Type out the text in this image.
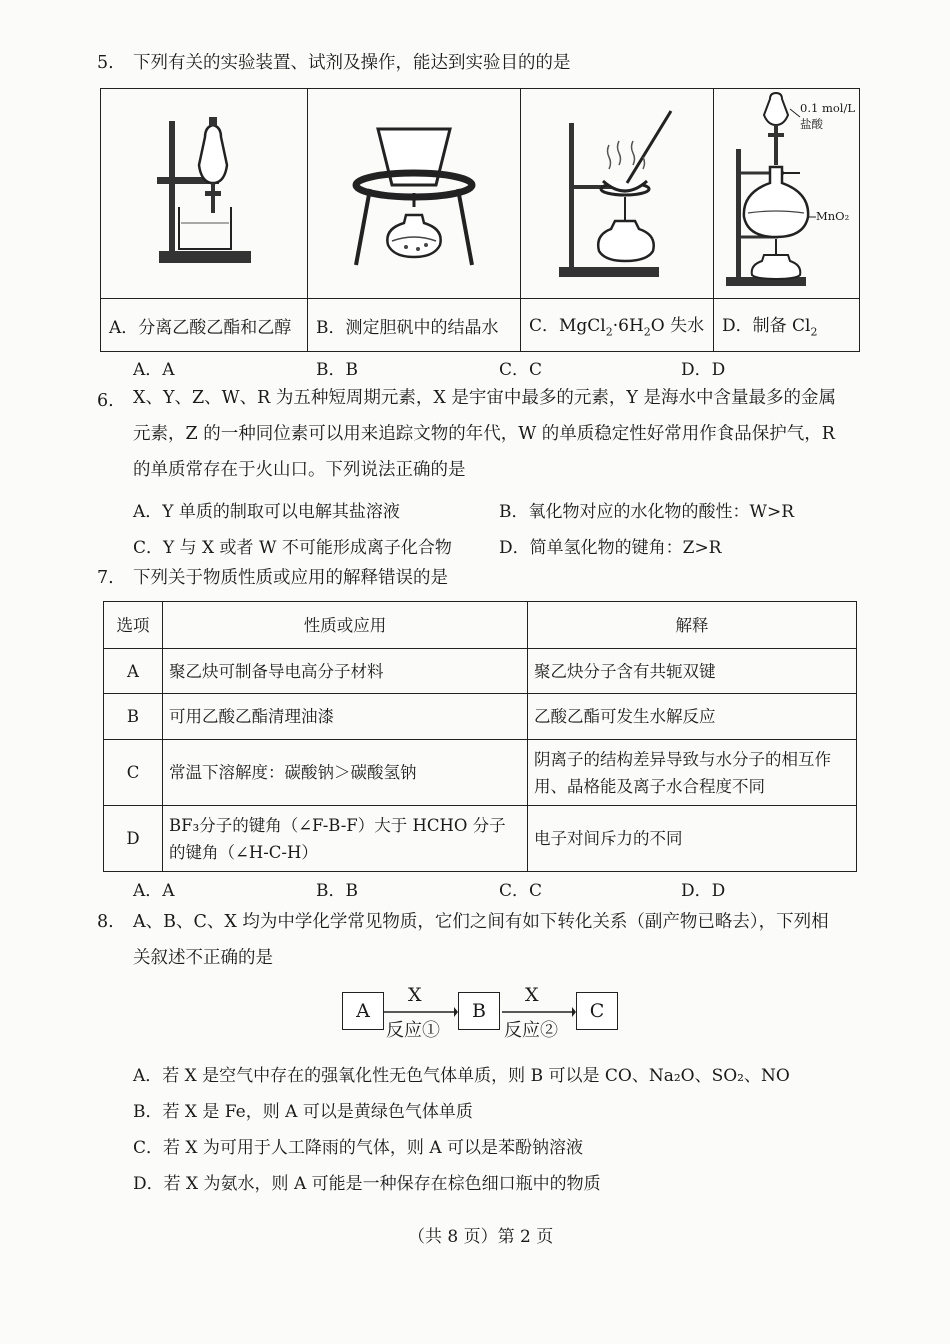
5. 下列有关的实验装置、试剂及操作，能达到实验目的的是

0.1 mol/L
盐酸
MnO₂

A．分离乙酸乙酯和乙醇	B．测定胆矾中的结晶水	C．$MgCl_2\cdot 6H_2O$ 失水	D．制备 $Cl_2$
A．A	B．B	C．C	D．D
6. X、Y、Z、W、R 为五种短周期元素，X 是宇宙中最多的元素，Y 是海水中含量最多的金属
元素，Z 的一种同位素可以用来追踪文物的年代，W 的单质稳定性好常用作食品保护气，R
的单质常存在于火山口。下列说法正确的是
A．Y 单质的制取可以电解其盐溶液	B．氧化物对应的水化物的酸性：W>R
C．Y 与 X 或者 W 不可能形成离子化合物	D．简单氢化物的键角：Z>R
7. 下列关于物质性质或应用的解释错误的是
选项	性质或应用	解释
A	聚乙炔可制备导电高分子材料	聚乙炔分子含有共轭双键
B	可用乙酸乙酯清理油漆	乙酸乙酯可发生水解反应
C	常温下溶解度：碳酸钠＞碳酸氢钠	阴离子的结构差异导致与水分子的相互作用、晶格能及离子水合程度不同
D	BF₃分子的键角（∠F-B-F）大于 HCHO 分子的键角（∠H-C-H）	电子对间斥力的不同
A．A	B．B	C．C	D．D
8. A、B、C、X 均为中学化学常见物质，它们之间有如下转化关系（副产物已略去），下列相
关叙述不正确的是
A	B	C
X	X
反应①	反应②
A．若 X 是空气中存在的强氧化性无色气体单质，则 B 可以是 CO、Na₂O、SO₂、NO
B．若 X 是 Fe，则 A 可以是黄绿色气体单质
C．若 X 为可用于人工降雨的气体，则 A 可以是苯酚钠溶液
D．若 X 为氨水，则 A 可能是一种保存在棕色细口瓶中的物质
（共 8 页）第 2 页
